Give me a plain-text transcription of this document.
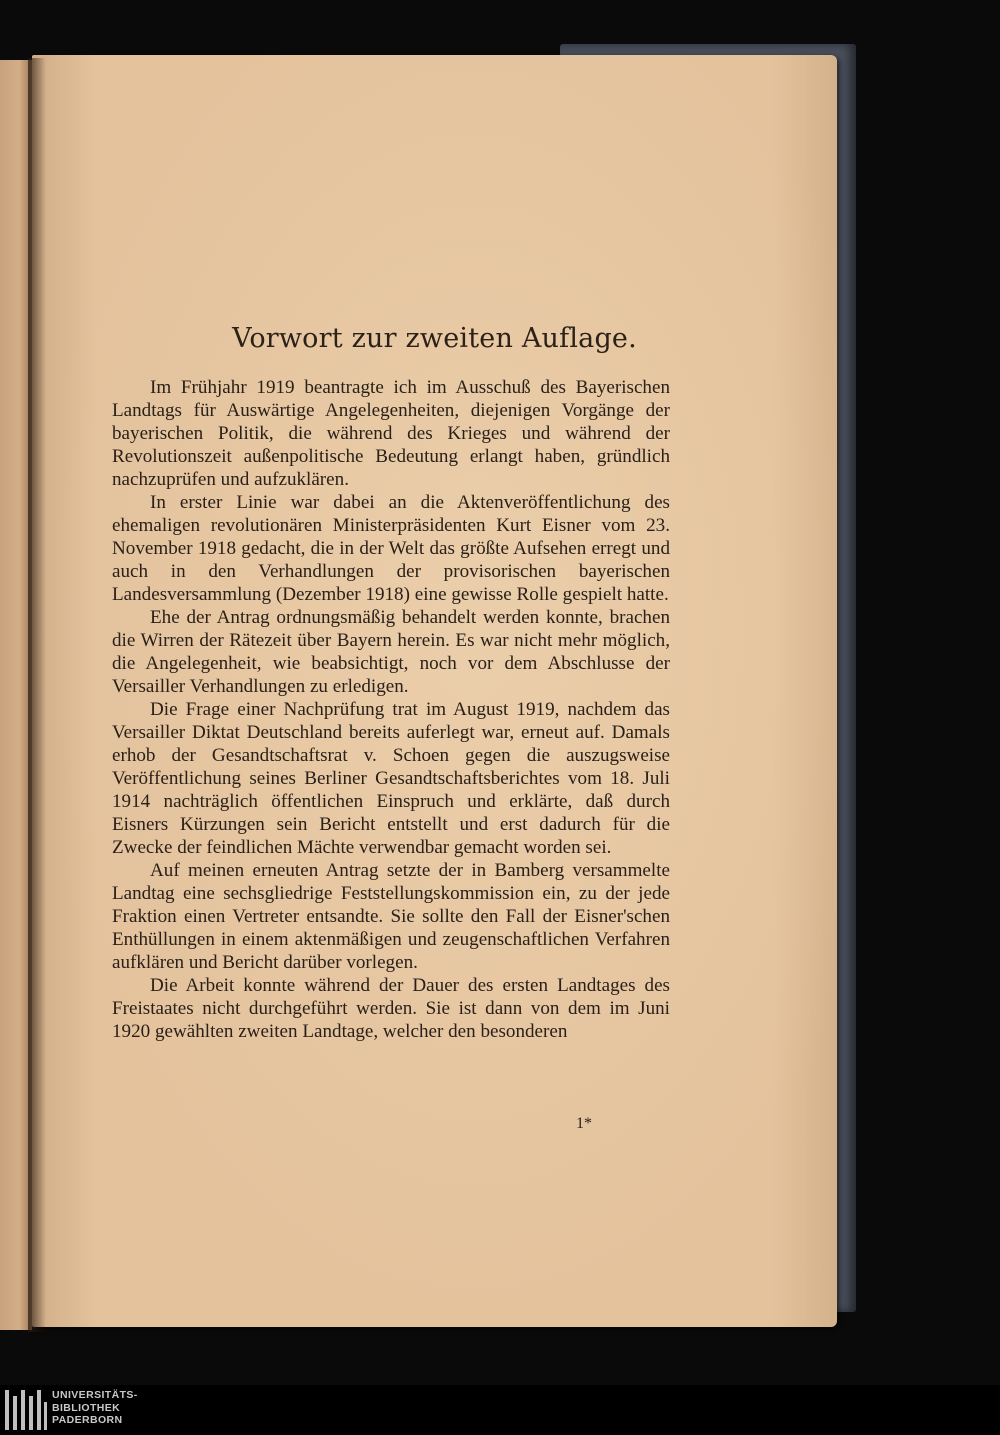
Vorwort zur zweiten Auflage.

Im Frühjahr 1919 beantragte ich im Ausschuß des Bayerischen Landtags für Auswärtige Angelegenheiten, diejenigen Vorgänge der bayerischen Politik, die während des Krieges und während der Revolutionszeit außenpolitische Bedeutung erlangt haben, gründlich nachzuprüfen und aufzuklären.

In erster Linie war dabei an die Aktenveröffentlichung des ehemaligen revolutionären Ministerpräsidenten Kurt Eisner vom 23. November 1918 gedacht, die in der Welt das größte Aufsehen erregt und auch in den Verhandlungen der provisorischen bayerischen Landesversammlung (Dezember 1918) eine gewisse Rolle gespielt hatte.

Ehe der Antrag ordnungsmäßig behandelt werden konnte, brachen die Wirren der Rätezeit über Bayern herein. Es war nicht mehr möglich, die Angelegenheit, wie beabsichtigt, noch vor dem Abschlusse der Versailler Verhandlungen zu erledigen.

Die Frage einer Nachprüfung trat im August 1919, nachdem das Versailler Diktat Deutschland bereits auferlegt war, erneut auf. Damals erhob der Gesandtschaftsrat v. Schoen gegen die auszugsweise Veröffentlichung seines Berliner Gesandtschaftsberichtes vom 18. Juli 1914 nachträglich öffentlichen Einspruch und erklärte, daß durch Eisners Kürzungen sein Bericht entstellt und erst dadurch für die Zwecke der feindlichen Mächte verwendbar gemacht worden sei.

Auf meinen erneuten Antrag setzte der in Bamberg versammelte Landtag eine sechsgliedrige Feststellungskommission ein, zu der jede Fraktion einen Vertreter entsandte. Sie sollte den Fall der Eisner'schen Enthüllungen in einem aktenmäßigen und zeugenschaftlichen Verfahren aufklären und Bericht darüber vorlegen.

Die Arbeit konnte während der Dauer des ersten Landtages des Freistaates nicht durchgeführt werden. Sie ist dann von dem im Juni 1920 gewählten zweiten Landtage, welcher den besonderen

1*
UNIVERSITÄTS-
BIBLIOTHEK
PADERBORN
